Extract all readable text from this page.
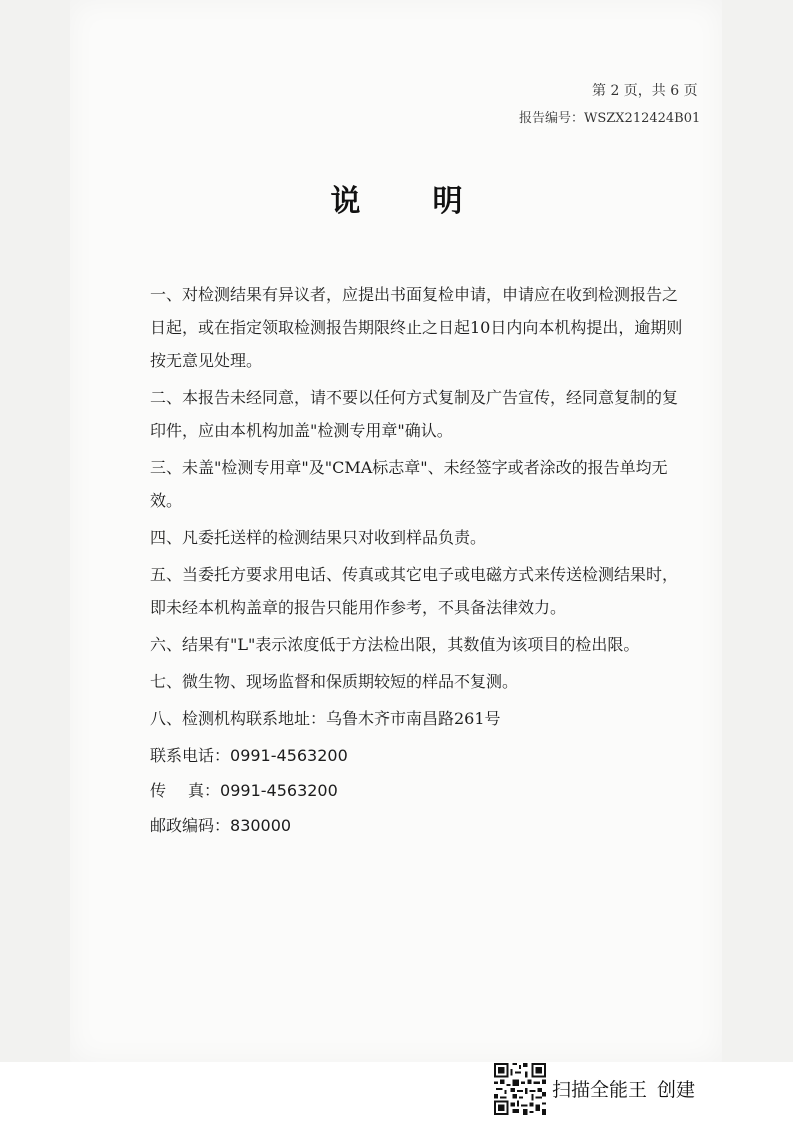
第 2 页，共 6 页
报告编号：WSZX212424B01
说明

一、对检测结果有异议者，应提出书面复检申请，申请应在收到检测报告之日起，或在指定领取检测报告期限终止之日起10日内向本机构提出，逾期则按无意见处理。

二、本报告未经同意，请不要以任何方式复制及广告宣传，经同意复制的复印件，应由本机构加盖"检测专用章"确认。

三、未盖"检测专用章"及"CMA标志章"、未经签字或者涂改的报告单均无效。

四、凡委托送样的检测结果只对收到样品负责。

五、当委托方要求用电话、传真或其它电子或电磁方式来传送检测结果时，即未经本机构盖章的报告只能用作参考，不具备法律效力。

六、结果有"L"表示浓度低于方法检出限，其数值为该项目的检出限。

七、微生物、现场监督和保质期较短的样品不复测。

八、检测机构联系地址：乌鲁木齐市南昌路261号

联系电话：0991-4563200
传 真：0991-4563200
邮政编码：830000
扫描全能王 创建
